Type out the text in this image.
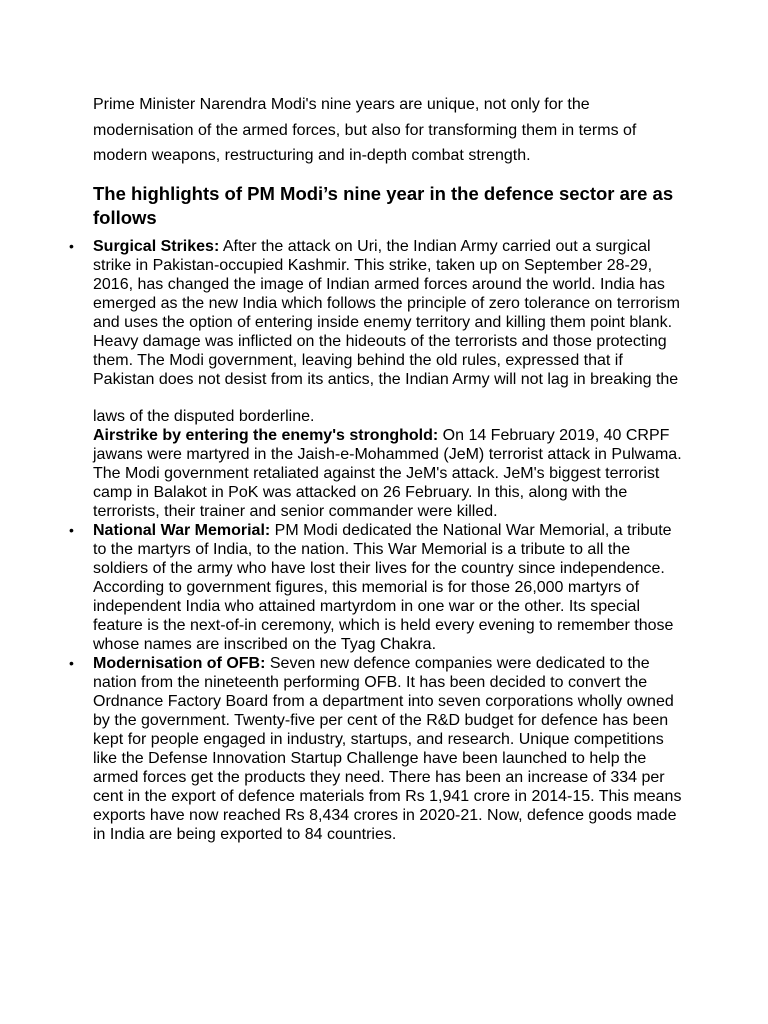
Prime Minister Narendra Modi's nine years are unique, not only for the modernisation of the armed forces, but also for transforming them in terms of modern weapons, restructuring and in-depth combat strength.

The highlights of PM Modi’s nine year in the defence sector are as follows
• Surgical Strikes: After the attack on Uri, the Indian Army carried out a surgical strike in Pakistan-occupied Kashmir. This strike, taken up on September 28-29, 2016, has changed the image of Indian armed forces around the world. India has emerged as the new India which follows the principle of zero tolerance on terrorism and uses the option of entering inside enemy territory and killing them point blank. Heavy damage was inflicted on the hideouts of the terrorists and those protecting them. The Modi government, leaving behind the old rules, expressed that if Pakistan does not desist from its antics, the Indian Army will not lag in breaking the
laws of the disputed borderline.
Airstrike by entering the enemy's stronghold: On 14 February 2019, 40 CRPF jawans were martyred in the Jaish-e-Mohammed (JeM) terrorist attack in Pulwama. The Modi government retaliated against the JeM's attack. JeM's biggest terrorist camp in Balakot in PoK was attacked on 26 February. In this, along with the terrorists, their trainer and senior commander were killed.
• National War Memorial: PM Modi dedicated the National War Memorial, a tribute to the martyrs of India, to the nation. This War Memorial is a tribute to all the soldiers of the army who have lost their lives for the country since independence. According to government figures, this memorial is for those 26,000 martyrs of independent India who attained martyrdom in one war or the other. Its special feature is the next-of-in ceremony, which is held every evening to remember those whose names are inscribed on the Tyag Chakra.
• Modernisation of OFB: Seven new defence companies were dedicated to the nation from the nineteenth performing OFB. It has been decided to convert the Ordnance Factory Board from a department into seven corporations wholly owned by the government. Twenty-five per cent of the R&D budget for defence has been kept for people engaged in industry, startups, and research. Unique competitions like the Defense Innovation Startup Challenge have been launched to help the armed forces get the products they need. There has been an increase of 334 per cent in the export of defence materials from Rs 1,941 crore in 2014-15. This means exports have now reached Rs 8,434 crores in 2020-21. Now, defence goods made in India are being exported to 84 countries.
